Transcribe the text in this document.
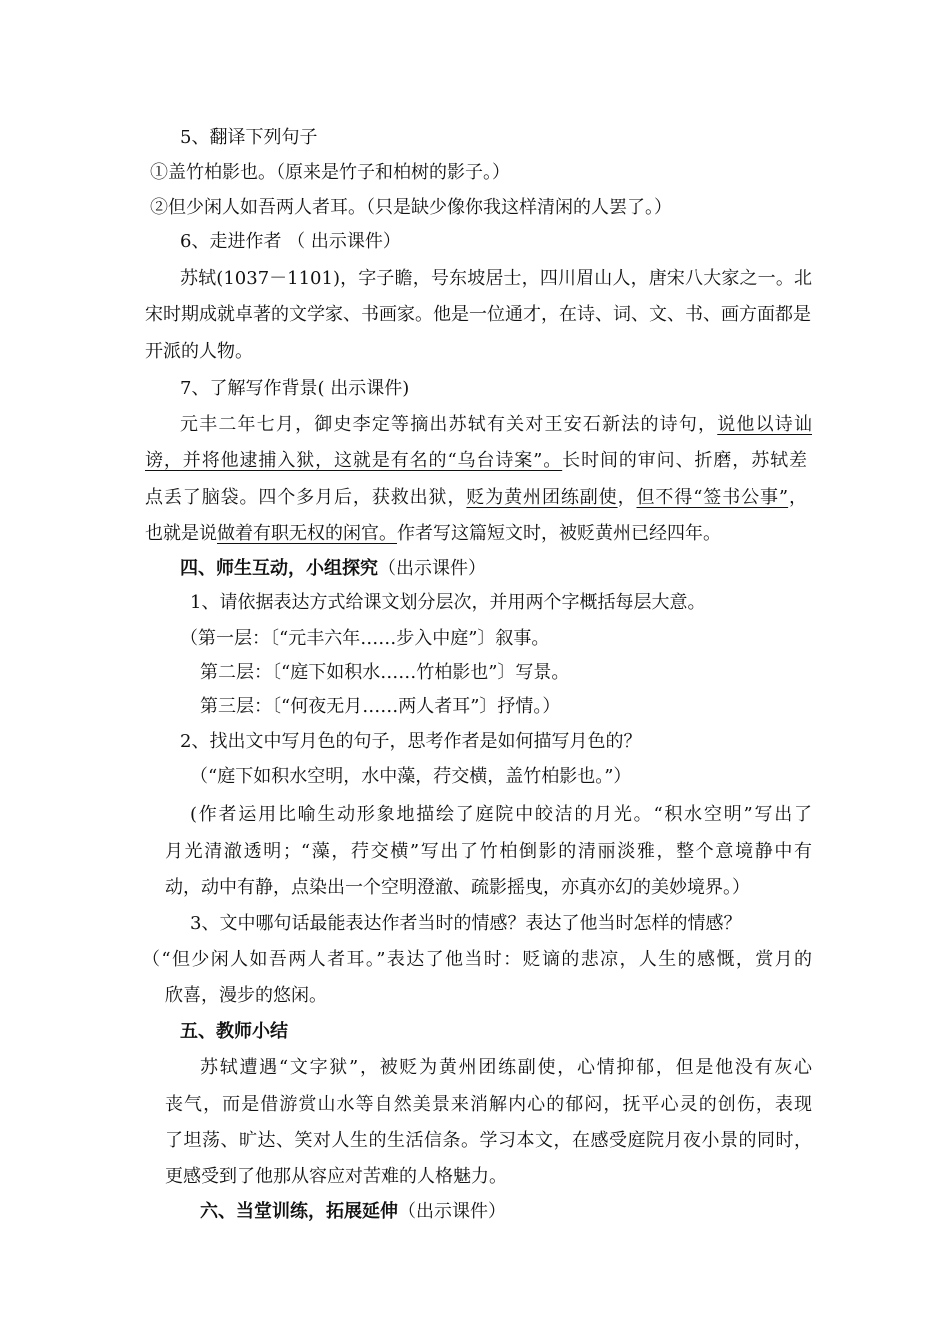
5、翻译下列句子
①盖竹柏影也。（原来是竹子和柏树的影子。）
②但少闲人如吾两人者耳。（只是缺少像你我这样清闲的人罢了。）
6、走进作者 （ 出示课件）
苏轼(1037－1101)，字子瞻，号东坡居士，四川眉山人，唐宋八大家之一。北
宋时期成就卓著的文学家、书画家。他是一位通才，在诗、词、文、书、画方面都是
开派的人物。
7、了解写作背景( 出示课件)
元丰二年七月，御史李定等摘出苏轼有关对王安石新法的诗句，说他以诗讪
谤，并将他逮捕入狱，这就是有名的“乌台诗案”。长时间的审问、折磨，苏轼差
点丢了脑袋。四个多月后，获救出狱，贬为黄州团练副使，但不得“签书公事”，
也就是说做着有职无权的闲官。作者写这篇短文时，被贬黄州已经四年。
四、师生互动，小组探究（出示课件）
1、请依据表达方式给课文划分层次，并用两个字概括每层大意。
（第一层：〔“元丰六年……步入中庭”〕叙事。
第二层：〔“庭下如积水……竹柏影也”〕写景。
第三层：〔“何夜无月……两人者耳”〕抒情。）
2、找出文中写月色的句子，思考作者是如何描写月色的？
（“庭下如积水空明，水中藻，荇交横，盖竹柏影也。”）
(作者运用比喻生动形象地描绘了庭院中皎洁的月光。“积水空明”写出了
月光清澈透明；“藻，荇交横”写出了竹柏倒影的清丽淡雅，整个意境静中有
动，动中有静，点染出一个空明澄澈、疏影摇曳，亦真亦幻的美妙境界。）
3、文中哪句话最能表达作者当时的情感？表达了他当时怎样的情感？
（“但少闲人如吾两人者耳。”表达了他当时：贬谪的悲凉，人生的感慨，赏月的
欣喜，漫步的悠闲。
五、教师小结
苏轼遭遇“文字狱”，被贬为黄州团练副使，心情抑郁，但是他没有灰心
丧气，而是借游赏山水等自然美景来消解内心的郁闷，抚平心灵的创伤，表现
了坦荡、旷达、笑对人生的生活信条。学习本文，在感受庭院月夜小景的同时，
更感受到了他那从容应对苦难的人格魅力。
六、当堂训练，拓展延伸（出示课件）
